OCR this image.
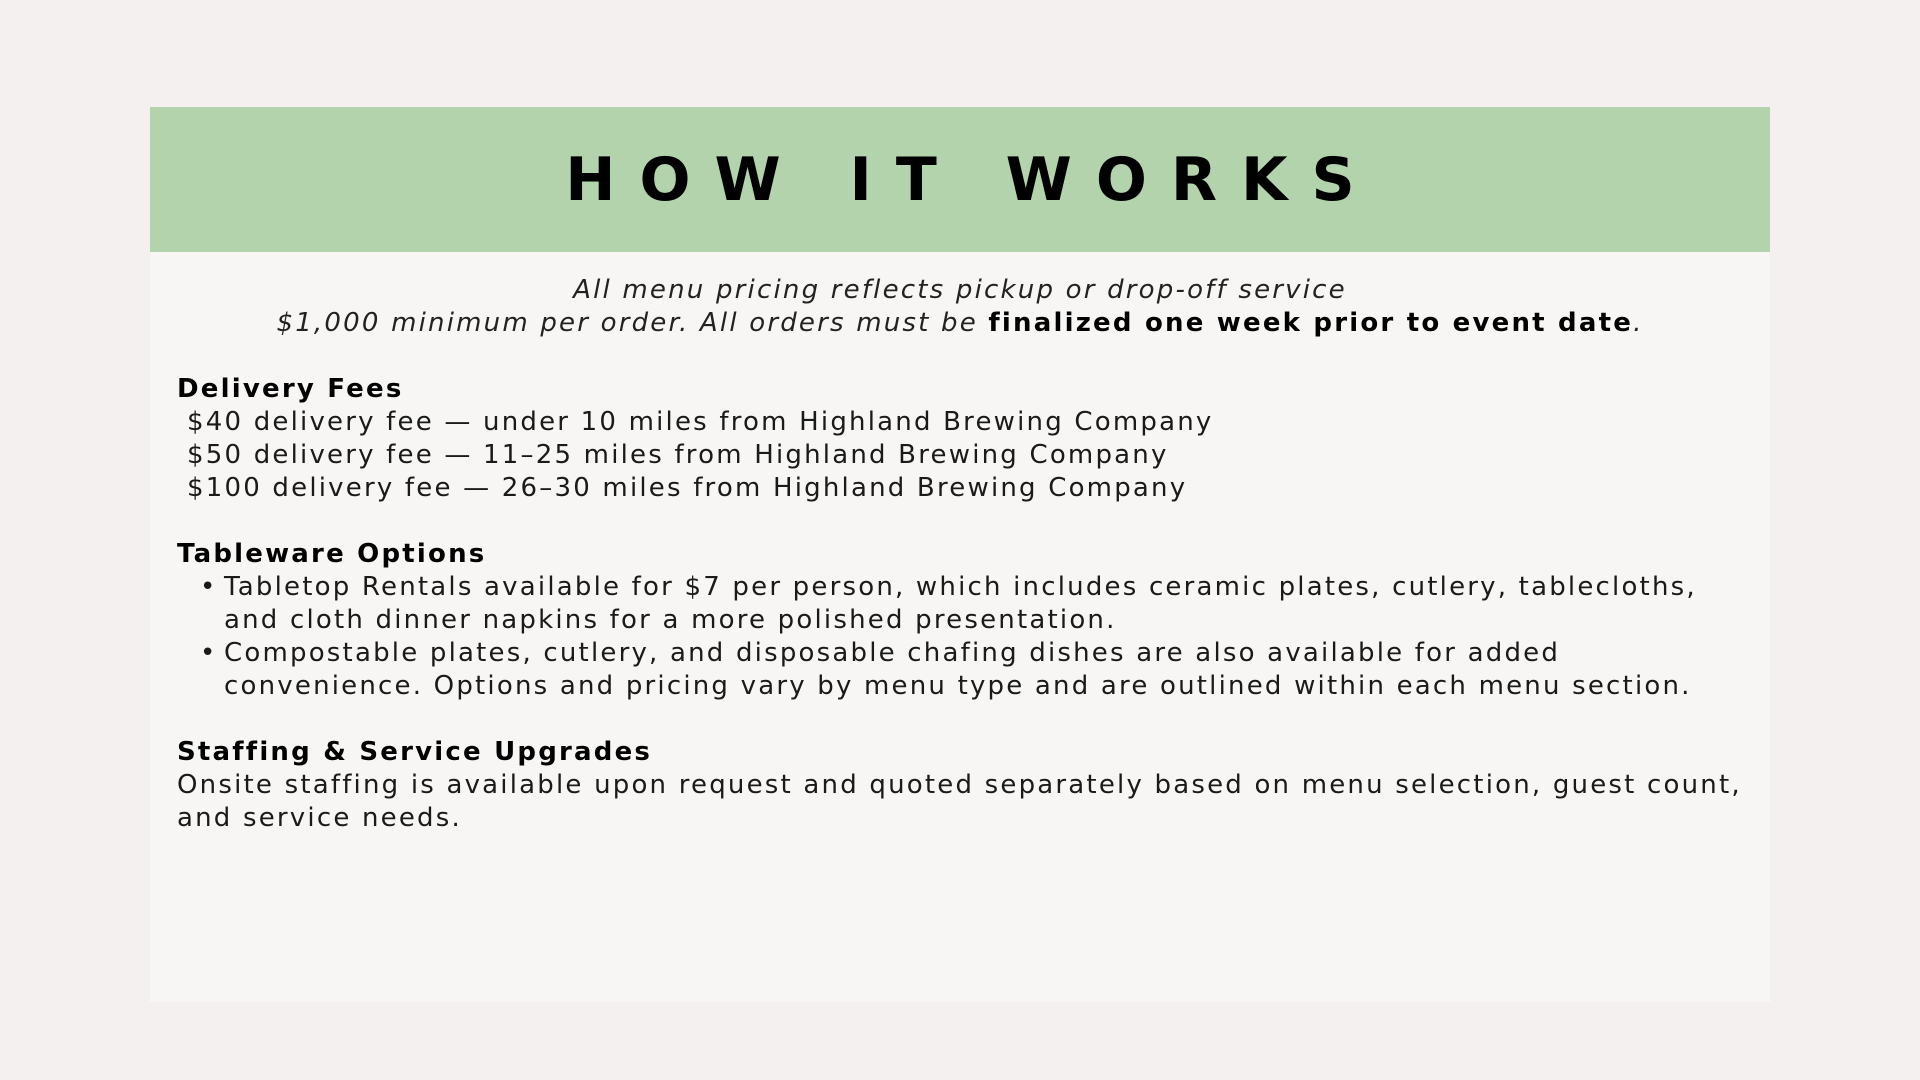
HOW IT WORKS
All menu pricing reflects pickup or drop-off service
$1,000 minimum per order. All orders must be finalized one week prior to event date.
Delivery Fees
$40 delivery fee — under 10 miles from Highland Brewing Company
$50 delivery fee — 11–25 miles from Highland Brewing Company
$100 delivery fee — 26–30 miles from Highland Brewing Company
Tableware Options
• Tabletop Rentals available for $7 per person, which includes ceramic plates, cutlery, tablecloths, and cloth dinner napkins for a more polished presentation.
• Compostable plates, cutlery, and disposable chafing dishes are also available for added convenience. Options and pricing vary by menu type and are outlined within each menu section.
Staffing & Service Upgrades
Onsite staffing is available upon request and quoted separately based on menu selection, guest count, and service needs.
